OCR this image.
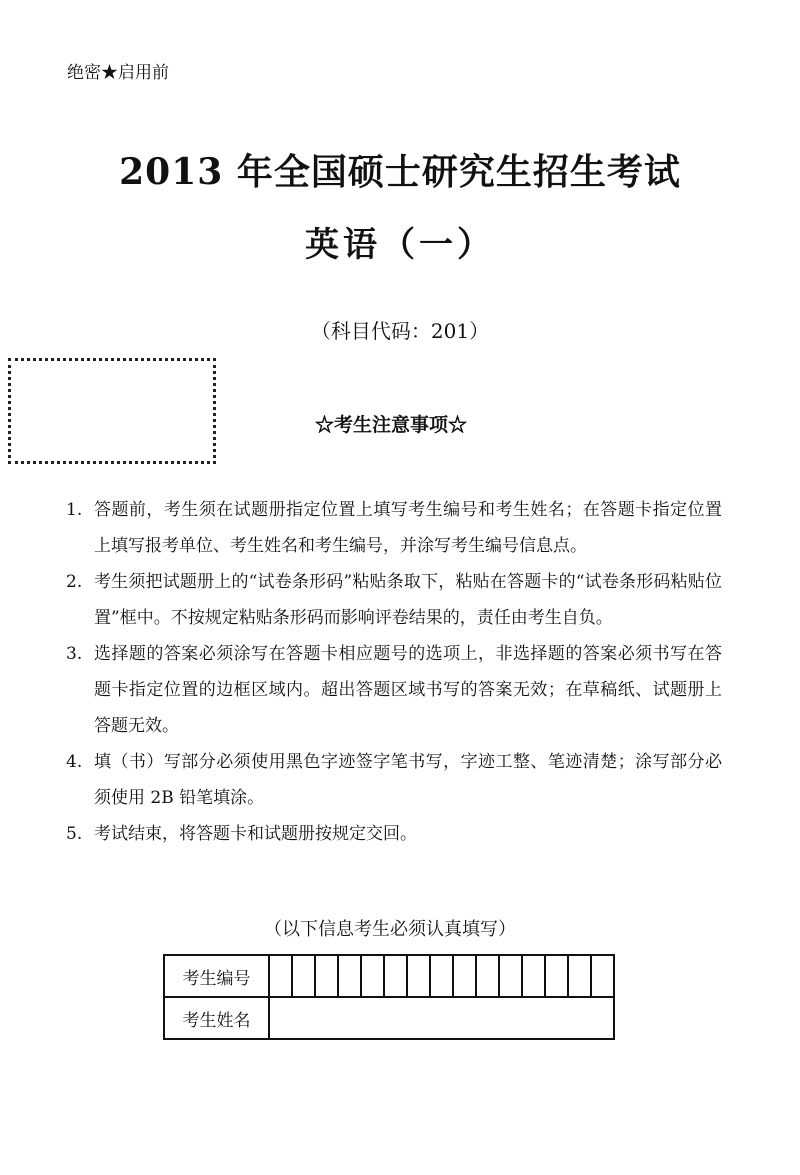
绝密★启用前
2013 年全国硕士研究生招生考试
英语（一）
（科目代码：201）
☆考生注意事项☆
1. 答题前，考生须在试题册指定位置上填写考生编号和考生姓名；在答题卡指定位置上填写报考单位、考生姓名和考生编号，并涂写考生编号信息点。
2. 考生须把试题册上的“试卷条形码”粘贴条取下，粘贴在答题卡的“试卷条形码粘贴位置”框中。不按规定粘贴条形码而影响评卷结果的，责任由考生自负。
3. 选择题的答案必须涂写在答题卡相应题号的选项上，非选择题的答案必须书写在答题卡指定位置的边框区域内。超出答题区域书写的答案无效；在草稿纸、试题册上答题无效。
4. 填（书）写部分必须使用黑色字迹签字笔书写，字迹工整、笔迹清楚；涂写部分必须使用 2B 铅笔填涂。
5. 考试结束，将答题卡和试题册按规定交回。
（以下信息考生必须认真填写）
考生编号															
考生姓名															
